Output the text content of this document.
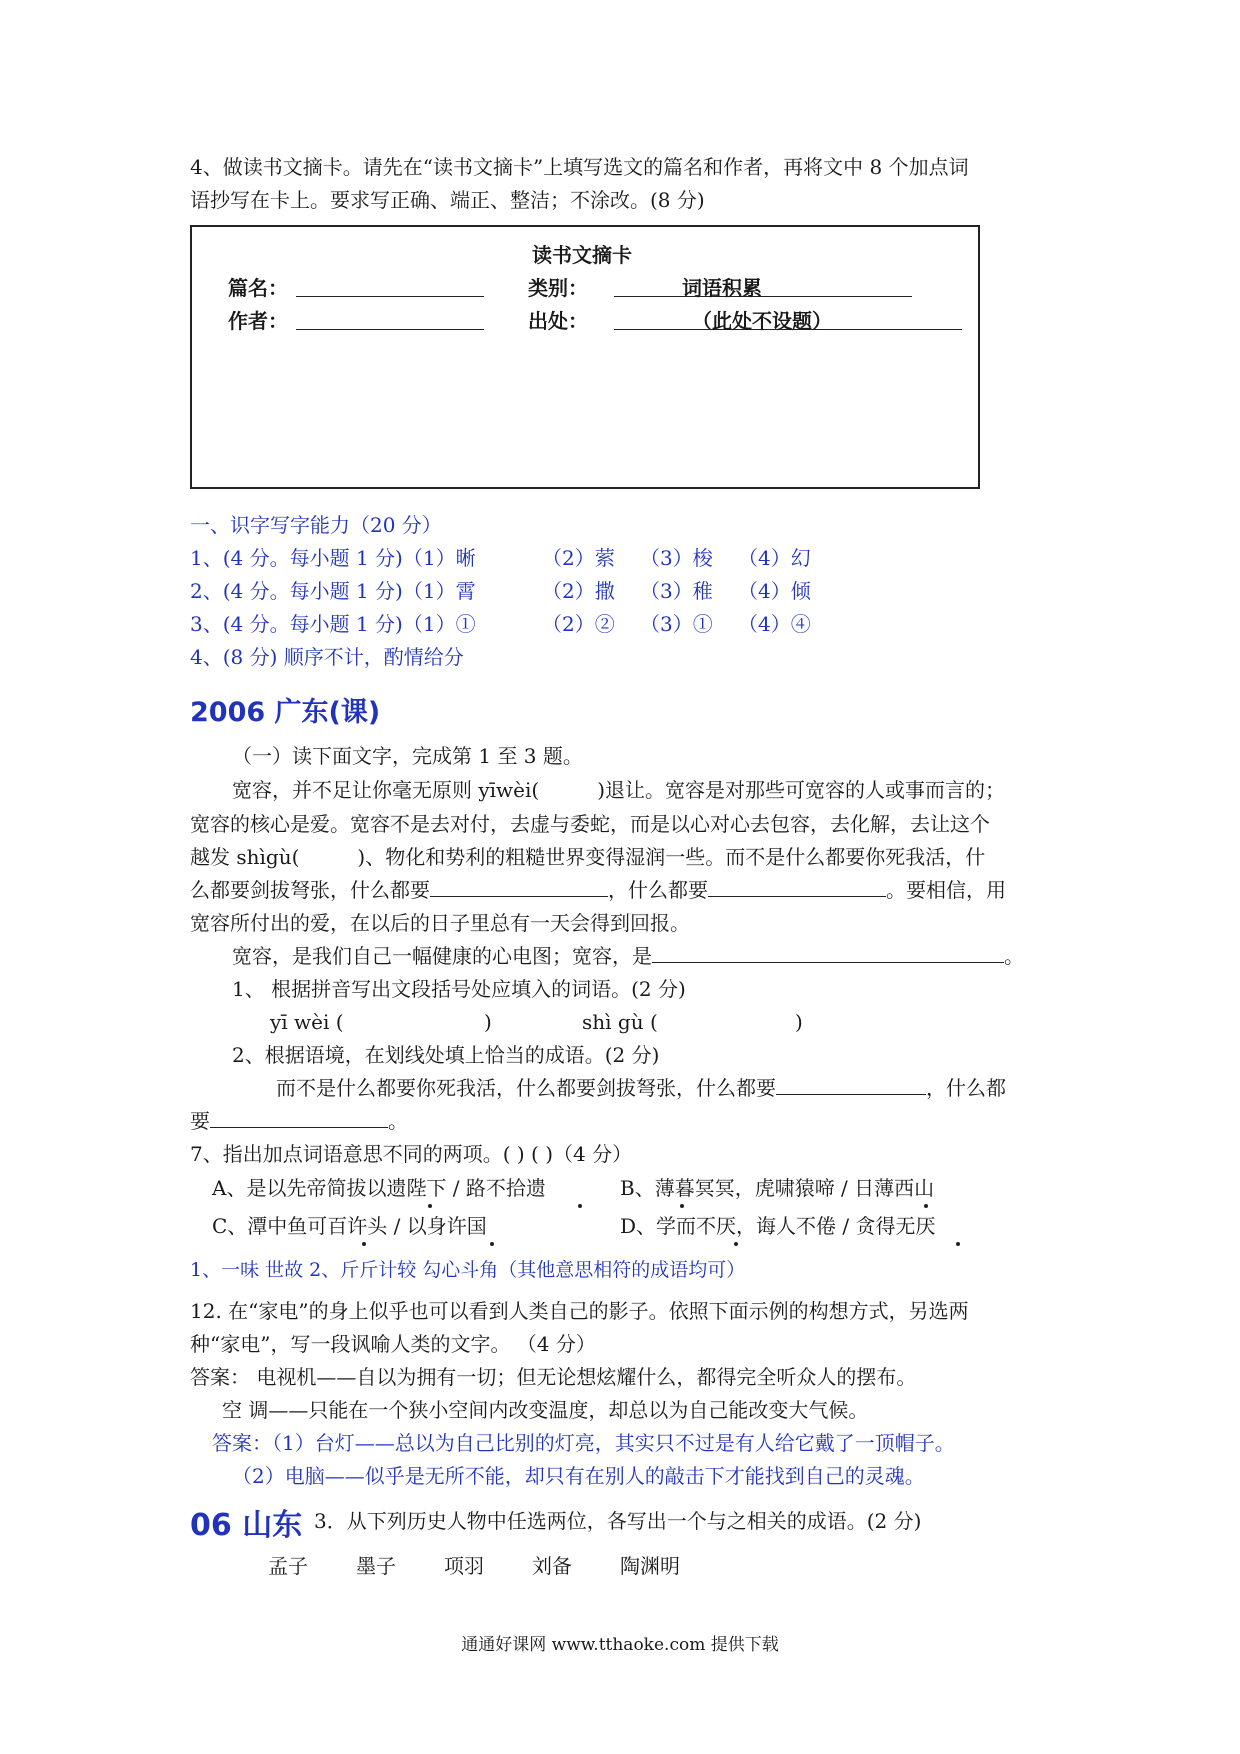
4、做读书文摘卡。请先在“读书文摘卡”上填写选文的篇名和作者，再将文中 8 个加点词
语抄写在卡上。要求写正确、端正、整洁；不涂改。(8 分)
读书文摘卡
篇名：	类别：	词语积累
作者：	出处：	（此处不设题）
一、识字写字能力（20 分）
1、(4 分。每小题 1 分)（1）晰	（2）萦 （3）梭 （4）幻
2、(4 分。每小题 1 分)（1）霄	（2）撒 （3）稚 （4）倾
3、(4 分。每小题 1 分)（1）①	（2）② （3）① （4）④
4、(8 分) 顺序不计，酌情给分
2006 广东(课)
（一）读下面文字，完成第 1 至 3 题。
宽容，并不足让你毫无原则 yīwèi(	)退让。宽容是对那些可宽容的人或事而言的；
宽容的核心是爱。宽容不是去对付，去虚与委蛇，而是以心对心去包容，去化解，去让这个
越发 shìgù(	)、物化和势利的粗糙世界变得湿润一些。而不是什么都要你死我活，什
么都要剑拔弩张，什么都要	，什么都要	。要相信，用
宽容所付出的爱，在以后的日子里总有一天会得到回报。
宽容，是我们自己一幅健康的心电图；宽容，是	。
1、 根据拼音写出文段括号处应填入的词语。(2 分)
yī wèi (	)	shì gù (	)
2、根据语境，在划线处填上恰当的成语。(2 分)
而不是什么都要你死我活，什么都要剑拔弩张，什么都要	，什么都
要	。
7、指出加点词语意思不同的两项。( ) ( )（4 分）
A、是以先帝简拔以遗陛下 / 路不拾遗	B、薄暮冥冥，虎啸猿啼 / 日薄西山
C、潭中鱼可百许头 / 以身许国	D、学而不厌，诲人不倦 / 贪得无厌
1、一味 世故 2、斤斤计较 勾心斗角（其他意思相符的成语均可）
12. 在“家电”的身上似乎也可以看到人类自己的影子。依照下面示例的构想方式，另选两
种“家电”，写一段讽喻人类的文字。 （4 分）
答案： 电视机——自以为拥有一切；但无论想炫耀什么，都得完全听众人的摆布。
空 调——只能在一个狭小空间内改变温度，却总以为自己能改变大气候。
答案：（1）台灯——总以为自己比别的灯亮，其实只不过是有人给它戴了一顶帽子。
（2）电脑——似乎是无所不能，却只有在别人的敲击下才能找到自己的灵魂。
06 山东 3．从下列历史人物中任选两位，各写出一个与之相关的成语。(2 分)
孟子 墨子 项羽 刘备 陶渊明
通通好课网 www.tthaoke.com 提供下载
